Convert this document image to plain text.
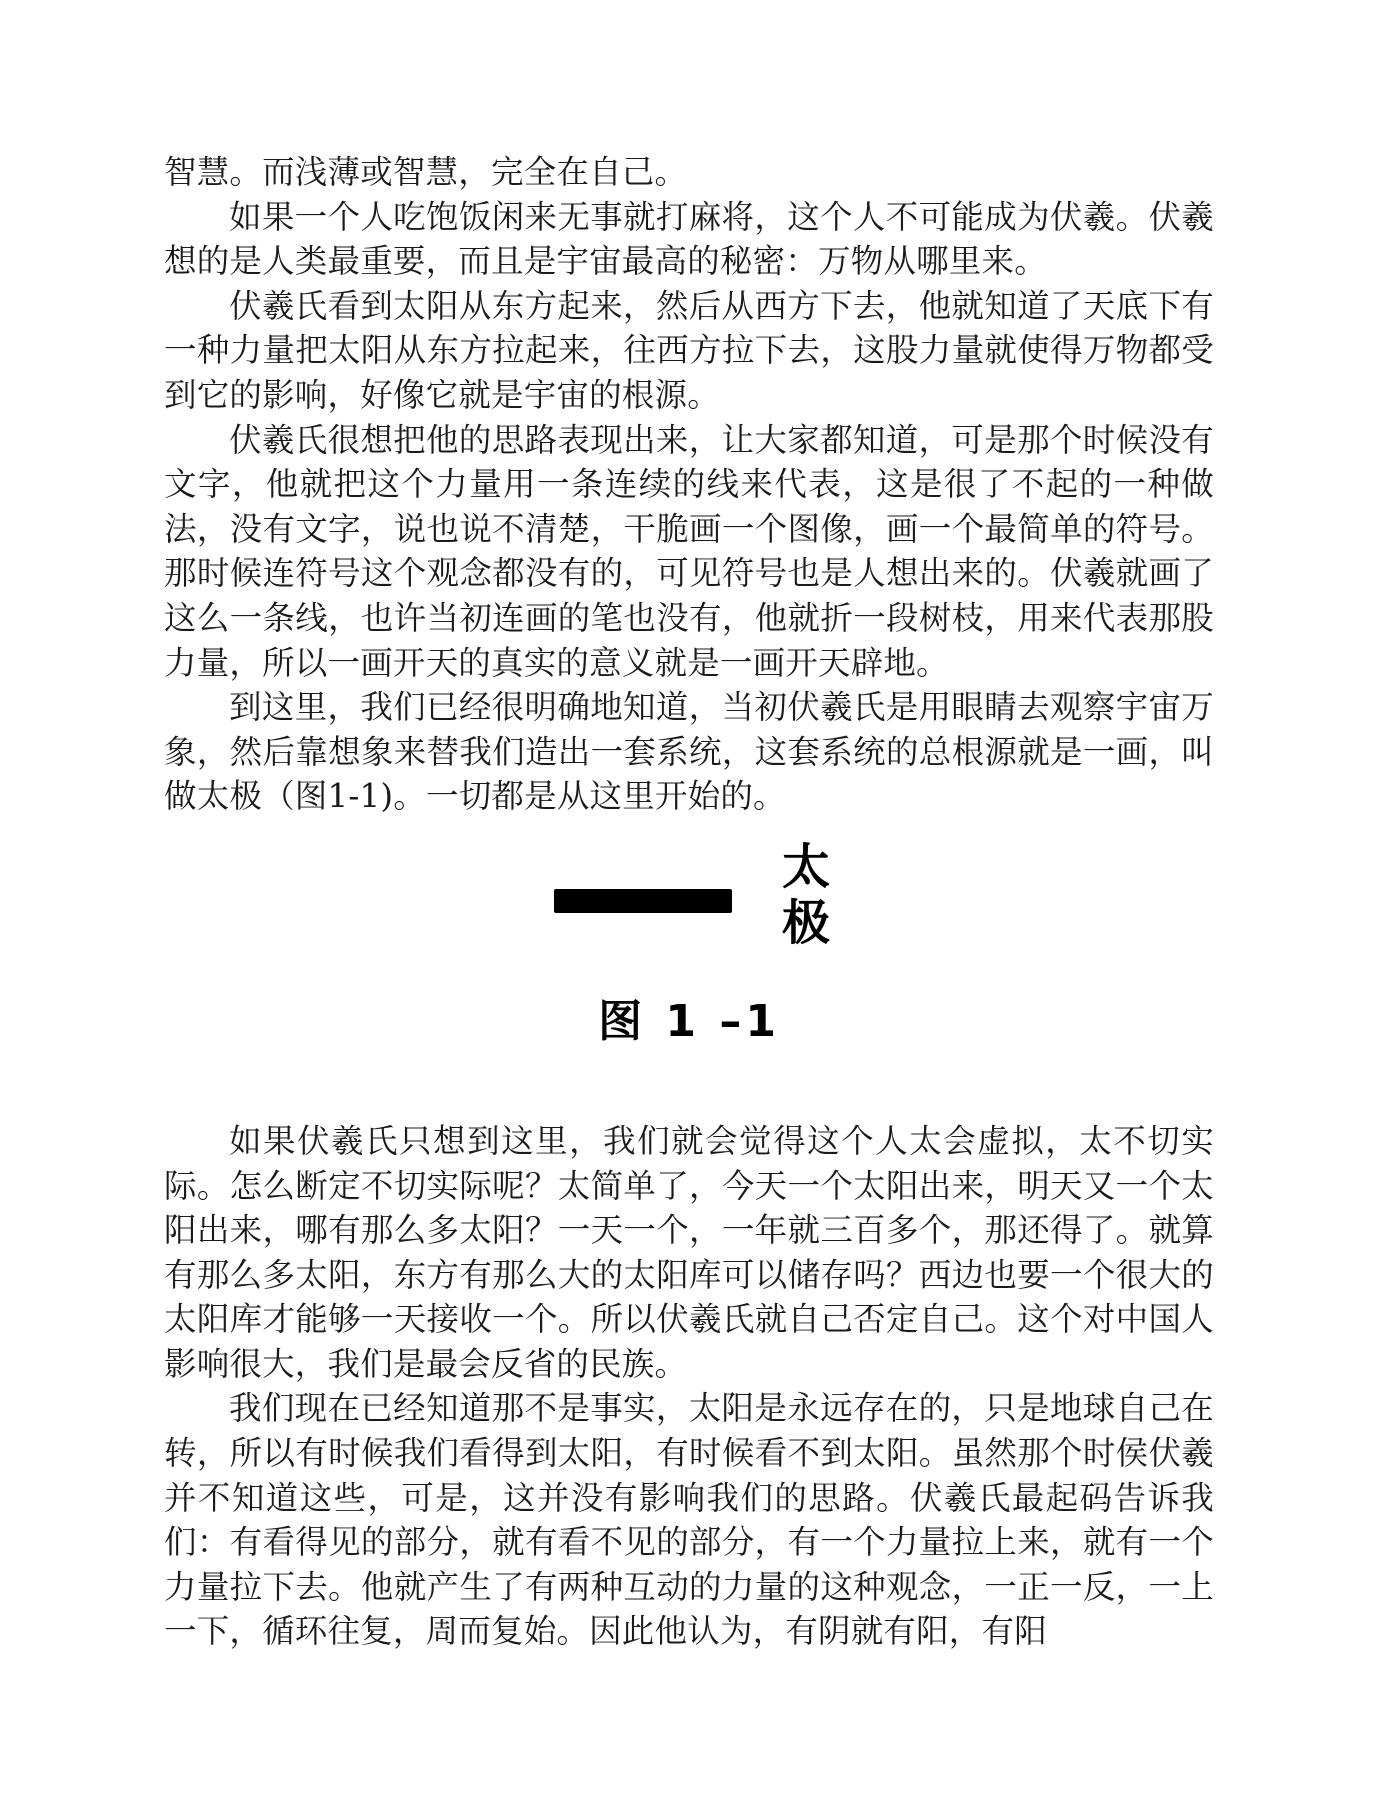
智慧。而浅薄或智慧，完全在自己。

如果一个人吃饱饭闲来无事就打麻将，这个人不可能成为伏羲。伏羲想的是人类最重要，而且是宇宙最高的秘密：万物从哪里来。

伏羲氏看到太阳从东方起来，然后从西方下去，他就知道了天底下有一种力量把太阳从东方拉起来，往西方拉下去，这股力量就使得万物都受到它的影响，好像它就是宇宙的根源。

伏羲氏很想把他的思路表现出来，让大家都知道，可是那个时候没有文字，他就把这个力量用一条连续的线来代表，这是很了不起的一种做法，没有文字，说也说不清楚，干脆画一个图像，画一个最简单的符号。那时候连符号这个观念都没有的，可见符号也是人想出来的。伏羲就画了这么一条线，也许当初连画的笔也没有，他就折一段树枝，用来代表那股力量，所以一画开天的真实的意义就是一画开天辟地。

到这里，我们已经很明确地知道，当初伏羲氏是用眼睛去观察宇宙万象，然后靠想象来替我们造出一套系统，这套系统的总根源就是一画，叫做太极（图1-1)。一切都是从这里开始的。

太
极
图 1 –1

如果伏羲氏只想到这里，我们就会觉得这个人太会虚拟，太不切实际。怎么断定不切实际呢？太简单了，今天一个太阳出来，明天又一个太阳出来，哪有那么多太阳？一天一个，一年就三百多个，那还得了。就算有那么多太阳，东方有那么大的太阳库可以储存吗？西边也要一个很大的太阳库才能够一天接收一个。所以伏羲氏就自己否定自己。这个对中国人影响很大，我们是最会反省的民族。

我们现在已经知道那不是事实，太阳是永远存在的，只是地球自己在转，所以有时候我们看得到太阳，有时候看不到太阳。虽然那个时侯伏羲并不知道这些，可是，这并没有影响我们的思路。伏羲氏最起码告诉我们：有看得见的部分，就有看不见的部分，有一个力量拉上来，就有一个力量拉下去。他就产生了有两种互动的力量的这种观念，一正一反，一上一下，循环往复，周而复始。因此他认为，有阴就有阳，有阳
